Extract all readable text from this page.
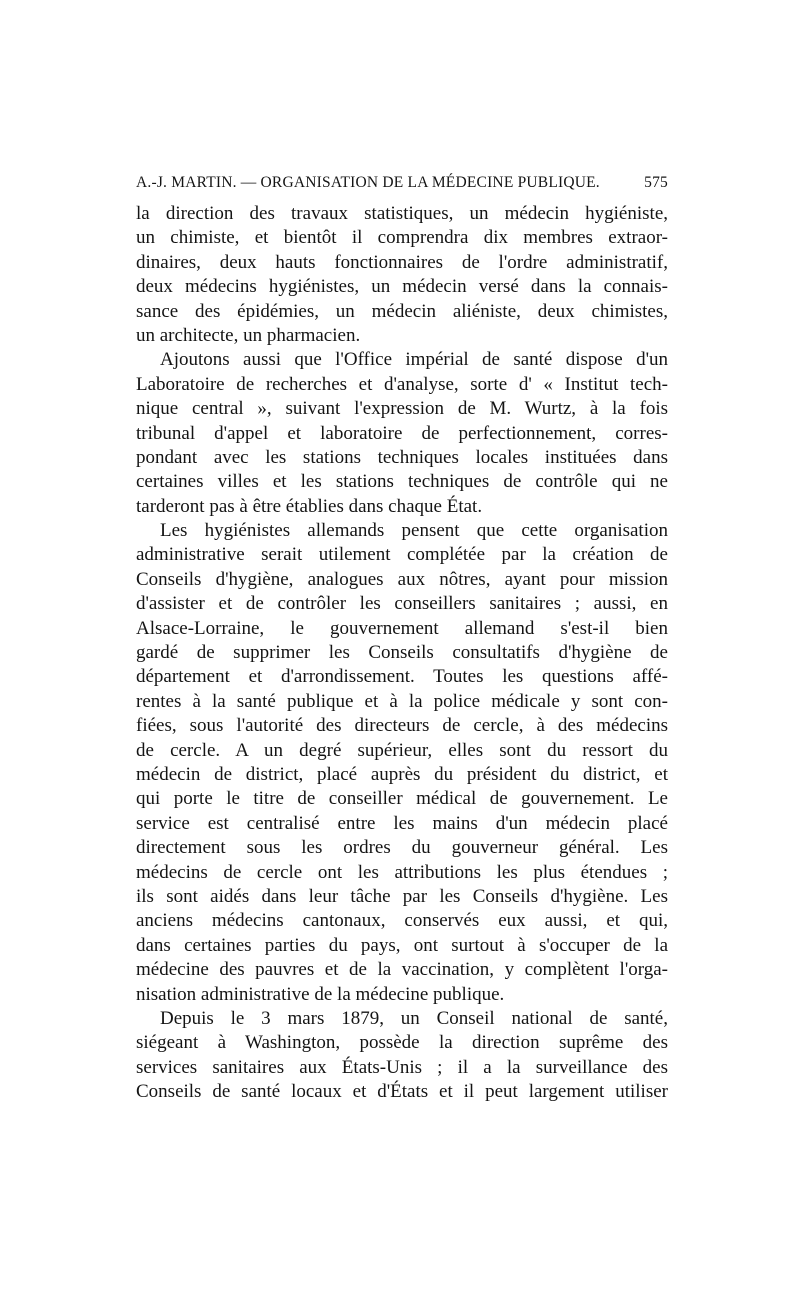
A.-J. MARTIN. — ORGANISATION DE LA MÉDECINE PUBLIQUE.	575
la direction des travaux statistiques, un médecin hygiéniste,
un chimiste, et bientôt il comprendra dix membres extraor-
dinaires, deux hauts fonctionnaires de l'ordre administratif,
deux médecins hygiénistes, un médecin versé dans la connais-
sance des épidémies, un médecin aliéniste, deux chimistes,
un architecte, un pharmacien.
Ajoutons aussi que l'Office impérial de santé dispose d'un
Laboratoire de recherches et d'analyse, sorte d' « Institut tech-
nique central », suivant l'expression de M. Wurtz, à la fois
tribunal d'appel et laboratoire de perfectionnement, corres-
pondant avec les stations techniques locales instituées dans
certaines villes et les stations techniques de contrôle qui ne
tarderont pas à être établies dans chaque État.
Les hygiénistes allemands pensent que cette organisation
administrative serait utilement complétée par la création de
Conseils d'hygiène, analogues aux nôtres, ayant pour mission
d'assister et de contrôler les conseillers sanitaires ; aussi, en
Alsace-Lorraine, le gouvernement allemand s'est-il bien
gardé de supprimer les Conseils consultatifs d'hygiène de
département et d'arrondissement. Toutes les questions affé-
rentes à la santé publique et à la police médicale y sont con-
fiées, sous l'autorité des directeurs de cercle, à des médecins
de cercle. A un degré supérieur, elles sont du ressort du
médecin de district, placé auprès du président du district, et
qui porte le titre de conseiller médical de gouvernement. Le
service est centralisé entre les mains d'un médecin placé
directement sous les ordres du gouverneur général. Les
médecins de cercle ont les attributions les plus étendues ;
ils sont aidés dans leur tâche par les Conseils d'hygiène. Les
anciens médecins cantonaux, conservés eux aussi, et qui,
dans certaines parties du pays, ont surtout à s'occuper de la
médecine des pauvres et de la vaccination, y complètent l'orga-
nisation administrative de la médecine publique.
Depuis le 3 mars 1879, un Conseil national de santé,
siégeant à Washington, possède la direction suprême des
services sanitaires aux États-Unis ; il a la surveillance des
Conseils de santé locaux et d'États et il peut largement utiliser
